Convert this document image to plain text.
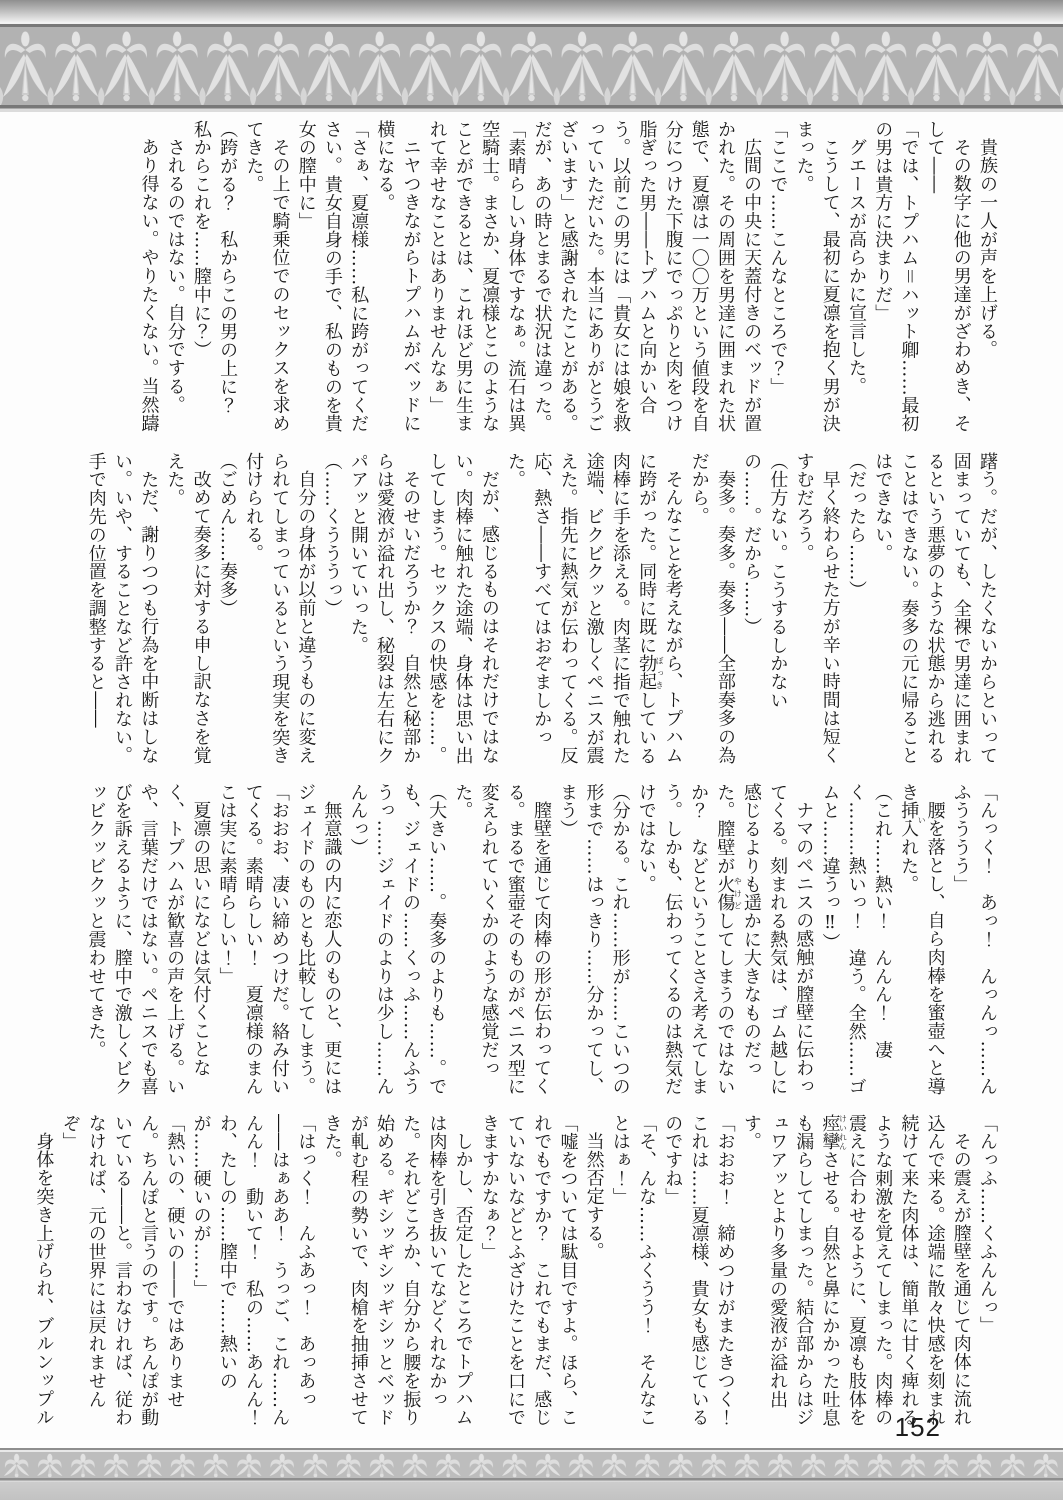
貴族の一人が声を上げる。

その数字に他の男達がざわめき、そして――

「では、トプハム＝ハット卿……最初の男は貴方に決まりだ」

グエースが高らかに宣言した。

こうして、最初に夏凛を抱く男が決まった。

「ここで……こんなところで？」

広間の中央に天蓋付きのベッドが置かれた。その周囲を男達に囲まれた状態で、夏凛は一〇〇万という値段を自分につけた下腹にでっぷりと肉をつけ脂ぎった男――トプハムと向かい合う。以前この男には「貴女には娘を救っていただいた。本当にありがとうございます」と感謝されたことがある。だが、あの時とまるで状況は違った。

「素晴らしい身体ですなぁ。流石は異空騎士。まさか、夏凛様とこのようなことができるとは、これほど男に生まれて幸せなことはありませんなぁ」

ニヤつきながらトプハムがベッドに横になる。

「さぁ、夏凛様……私に跨がってください。貴女自身の手で、私のものを貴女の膣中に」

その上で騎乗位でのセックスを求めてきた。

（跨がる？　私からこの男の上に？　私からこれを……膣中に？）

されるのではない。自分でする。

あり得ない。やりたくない。当然躊

躇う。だが、したくないからといって固まっていても、全裸で男達に囲まれるという悪夢のような状態から逃れることはできない。奏多の元に帰ることはできない。

（だったら……）

早く終わらせた方が辛い時間は短くすむだろう。

（仕方ない。こうするしかないの……。だから……）

奏多。奏多。奏多――全部奏多の為だから。

そんなことを考えながら、トプハムに跨がった。同時に既に勃起ぼっきしている肉棒に手を添える。肉茎に指で触れた途端、ビクビクッと激しくペニスが震えた。指先に熱気が伝わってくる。反応、熱さ――すべてはおぞましかった。

だが、感じるものはそれだけではない。肉棒に触れた途端、身体は思い出してしまう。セックスの快感を……。

そのせいだろうか？　自然と秘部からは愛液が溢れ出し、秘裂は左右にクパアッと開いていった。

（……くうううっ）

自分の身体が以前と違うものに変えられてしまっているという現実を突き付けられる。

（ごめん……奏多）

改めて奏多に対する申し訳なさを覚えた。

ただ、謝りつつも行為を中断はしない。いや、することなど許されない。手で肉先の位置を調整すると――

「んっく！　あっ！　んっんっ……んふうううう」

腰を落とし、自ら肉棒を蜜壺へと導き挿入いれた。

（これ……熱い！　んんん！　凄く………熱いっ！　違う。全然……ゴムと……違うっ‼）

ナマのペニスの感触が膣壁に伝わってくる。刻まれる熱気は、ゴム越しに感じるよりも遥かに大きなものだった。膣壁が火傷やけどしてしまうのではないか？　などということさえ考えてしまう。しかも、伝わってくるのは熱気だけではない。

（分かる。これ……形が……こいつの形まで……はっきり……分かってし、まう）

膣壁を通じて肉棒の形が伝わってくる。まるで蜜壺そのものがペニス型に変えられていくかのような感覚だった。

（大きい……。奏多のよりも……。でも、ジェイドの……くっふ……んふううっ……ジェイドのよりは少し……んんんっ）

無意識の内に恋人のものと、更にはジェイドのものとも比較してしまう。

「おおお、凄い締めつけだ。絡み付いてくる。素晴らしい！　夏凛様のまんこは実に素晴らしい！」

夏凛の思いになどは気付くことなく、トプハムが歓喜の声を上げる。いや、言葉だけではない。ペニスでも喜びを訴えるように、膣中で激しくビクッビクッビクッと震わせてきた。

「んっふ……くふんんっ」

その震えが膣壁を通じて肉体に流れ込んで来る。途端に散々快感を刻まれ続けて来た肉体は、簡単に甘く痺れるような刺激を覚えてしまった。肉棒の震えに合わせるように、夏凛も肢体を痙攣けいれんさせる。自然と鼻にかかった吐息も漏らしてしまった。結合部からはジュワアッとより多量の愛液が溢れ出す。

「おおお！　締めつけがまたきつく！　これは……夏凛様、貴女も感じているのですね」

「そ、んな……ふくうう！　そんなことはぁ！」

当然否定する。

「嘘をついては駄目ですよ。ほら、これでもですか？　これでもまだ、感じていないなどとふざけたことを口にできますかなぁ？」

しかし、否定したところでトプハムは肉棒を引き抜いてなどくれなかった。それどころか、自分から腰を振り始める。ギシッギシッギシッとベッドが軋む程の勢いで、肉槍を抽挿させてきた。

「はっく！　んふあっ！　あっあっ――はぁああ！　うっご、これ……んんん！　動いて！　私の……あんん！　わ、たしの……膣中で……熱いのが……硬いのが……」

「熱いの、硬いの――ではありません。ちんぽと言うのです。ちんぽが動いている――と。言わなければ、従わなければ、元の世界には戻れませんぞ」

身体を突き上げられ、ブルンップル

152
